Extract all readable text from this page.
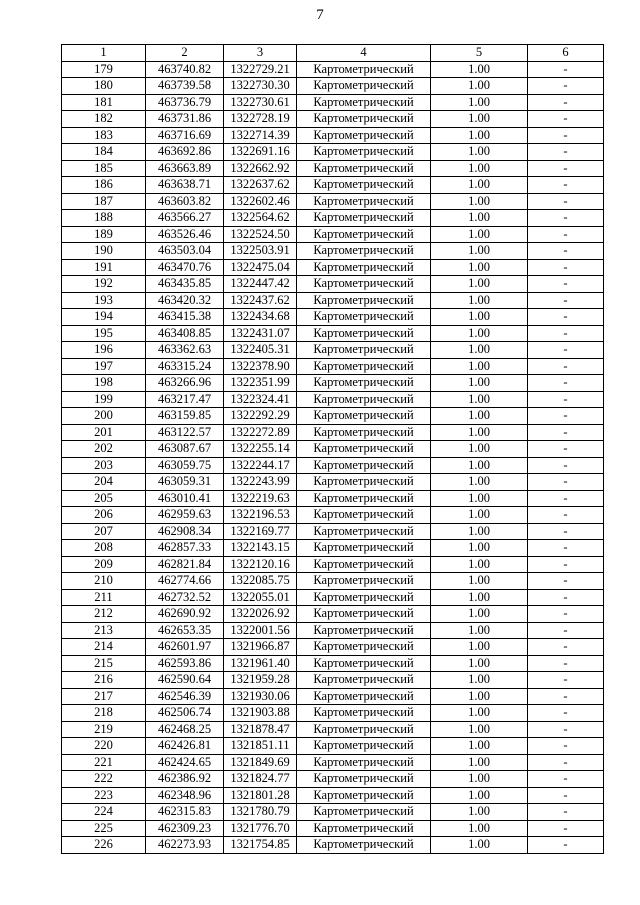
7
1	2	3	4	5	6
179	463740.82	1322729.21	Картометрический	1.00	-
180	463739.58	1322730.30	Картометрический	1.00	-
181	463736.79	1322730.61	Картометрический	1.00	-
182	463731.86	1322728.19	Картометрический	1.00	-
183	463716.69	1322714.39	Картометрический	1.00	-
184	463692.86	1322691.16	Картометрический	1.00	-
185	463663.89	1322662.92	Картометрический	1.00	-
186	463638.71	1322637.62	Картометрический	1.00	-
187	463603.82	1322602.46	Картометрический	1.00	-
188	463566.27	1322564.62	Картометрический	1.00	-
189	463526.46	1322524.50	Картометрический	1.00	-
190	463503.04	1322503.91	Картометрический	1.00	-
191	463470.76	1322475.04	Картометрический	1.00	-
192	463435.85	1322447.42	Картометрический	1.00	-
193	463420.32	1322437.62	Картометрический	1.00	-
194	463415.38	1322434.68	Картометрический	1.00	-
195	463408.85	1322431.07	Картометрический	1.00	-
196	463362.63	1322405.31	Картометрический	1.00	-
197	463315.24	1322378.90	Картометрический	1.00	-
198	463266.96	1322351.99	Картометрический	1.00	-
199	463217.47	1322324.41	Картометрический	1.00	-
200	463159.85	1322292.29	Картометрический	1.00	-
201	463122.57	1322272.89	Картометрический	1.00	-
202	463087.67	1322255.14	Картометрический	1.00	-
203	463059.75	1322244.17	Картометрический	1.00	-
204	463059.31	1322243.99	Картометрический	1.00	-
205	463010.41	1322219.63	Картометрический	1.00	-
206	462959.63	1322196.53	Картометрический	1.00	-
207	462908.34	1322169.77	Картометрический	1.00	-
208	462857.33	1322143.15	Картометрический	1.00	-
209	462821.84	1322120.16	Картометрический	1.00	-
210	462774.66	1322085.75	Картометрический	1.00	-
211	462732.52	1322055.01	Картометрический	1.00	-
212	462690.92	1322026.92	Картометрический	1.00	-
213	462653.35	1322001.56	Картометрический	1.00	-
214	462601.97	1321966.87	Картометрический	1.00	-
215	462593.86	1321961.40	Картометрический	1.00	-
216	462590.64	1321959.28	Картометрический	1.00	-
217	462546.39	1321930.06	Картометрический	1.00	-
218	462506.74	1321903.88	Картометрический	1.00	-
219	462468.25	1321878.47	Картометрический	1.00	-
220	462426.81	1321851.11	Картометрический	1.00	-
221	462424.65	1321849.69	Картометрический	1.00	-
222	462386.92	1321824.77	Картометрический	1.00	-
223	462348.96	1321801.28	Картометрический	1.00	-
224	462315.83	1321780.79	Картометрический	1.00	-
225	462309.23	1321776.70	Картометрический	1.00	-
226	462273.93	1321754.85	Картометрический	1.00	-
